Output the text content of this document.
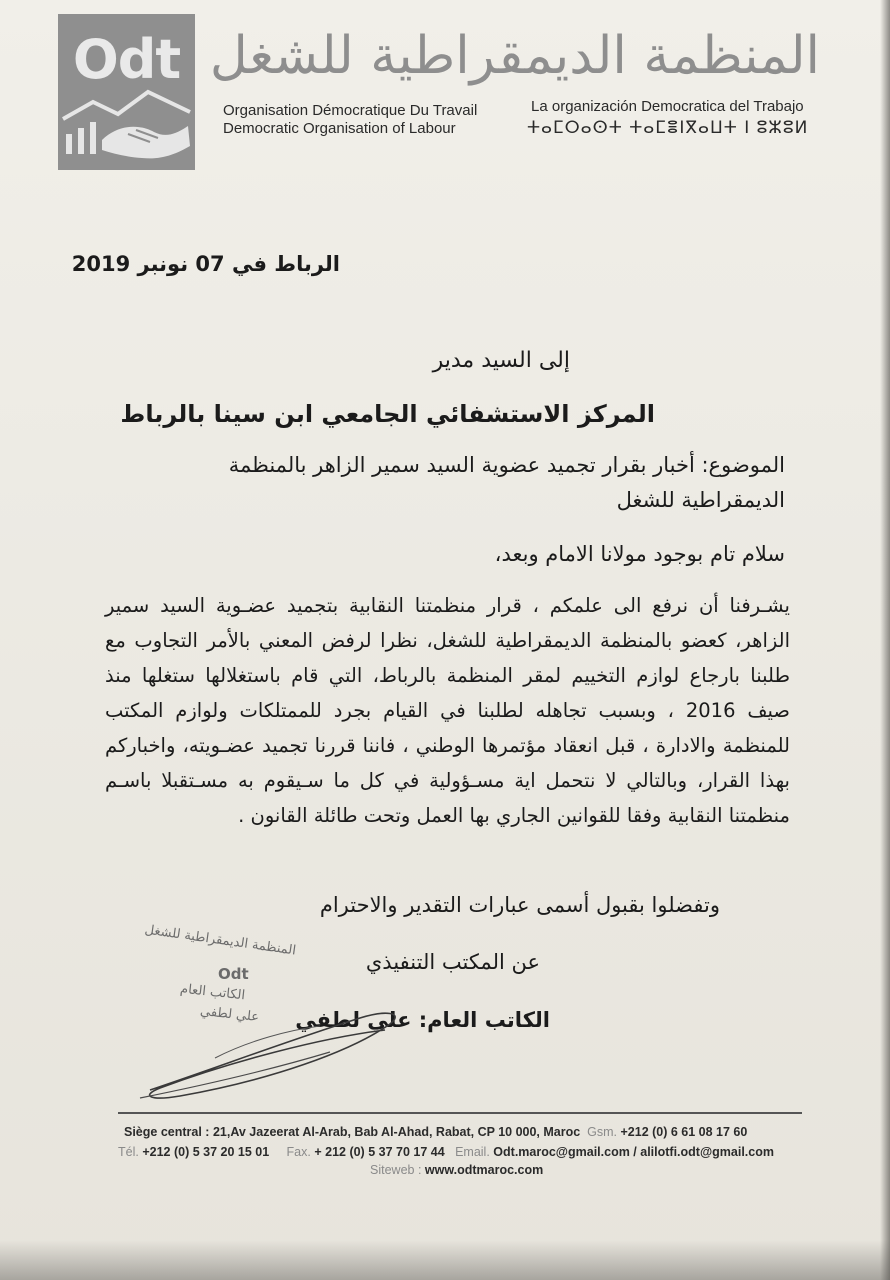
Odt المنظمة الديمقراطية للشغل
Organisation Démocratique Du Travail
Democratic Organisation of Labour
La organización Democratica del Trabajo
ⵜⴰⵎⵔⴰⵙⵜ ⵜⴰⵎⴻⵏⴳⴰⵡⵜ ⵏ ⵓⵣⵓⵍ
الرباط في 07 نونبر 2019
إلى السيد مدير
المركز الاستشفائي الجامعي ابن سينا بالرباط
الموضوع: أخبار بقرار تجميد عضوية السيد سمير الزاهر بالمنظمة
الديمقراطية للشغل
سلام تام بوجود مولانا الامام وبعد،
يشـرفنا أن نرفع الى علمكم ، قرار منظمتنا النقابية بتجميد عضـوية السيد سمير الزاهر، كعضو بالمنظمة الديمقراطية للشغل، نظرا لرفض المعني بالأمر التجاوب مع طلبنا بارجاع لوازم التخييم لمقر المنظمة بالرباط، التي قام باستغلالها ستغلها منذ صيف 2016 ، وبسبب تجاهله لطلبنا في القيام بجرد للممتلكات ولوازم المكتب للمنظمة والادارة ، قبل انعقاد مؤتمرها الوطني ، فاننا قررنا تجميد عضـويته، واخباركم بهذا القرار، وبالتالي لا نتحمل اية مسـؤولية في كل ما سـيقوم به مسـتقبلا باسـم منظمتنا النقابية وفقا للقوانين الجاري بها العمل وتحت طائلة القانون .
وتفضلوا بقبول أسمى عبارات التقدير والاحترام
عن المكتب التنفيذي
الكاتب العام: علي لطفي
المنظمة الديمقراطية للشغل
Odt
الكاتب العام
علي لطفي
Siège central : 21,Av Jazeerat Al-Arab, Bab Al-Ahad, Rabat, CP 10 000, Maroc Gsm. +212 (0) 6 61 08 17 60
Tél. +212 (0) 5 37 20 15 01 Fax. + 212 (0) 5 37 70 17 44 Email. Odt.maroc@gmail.com / alilotfi.odt@gmail.com
Siteweb : www.odtmaroc.com
